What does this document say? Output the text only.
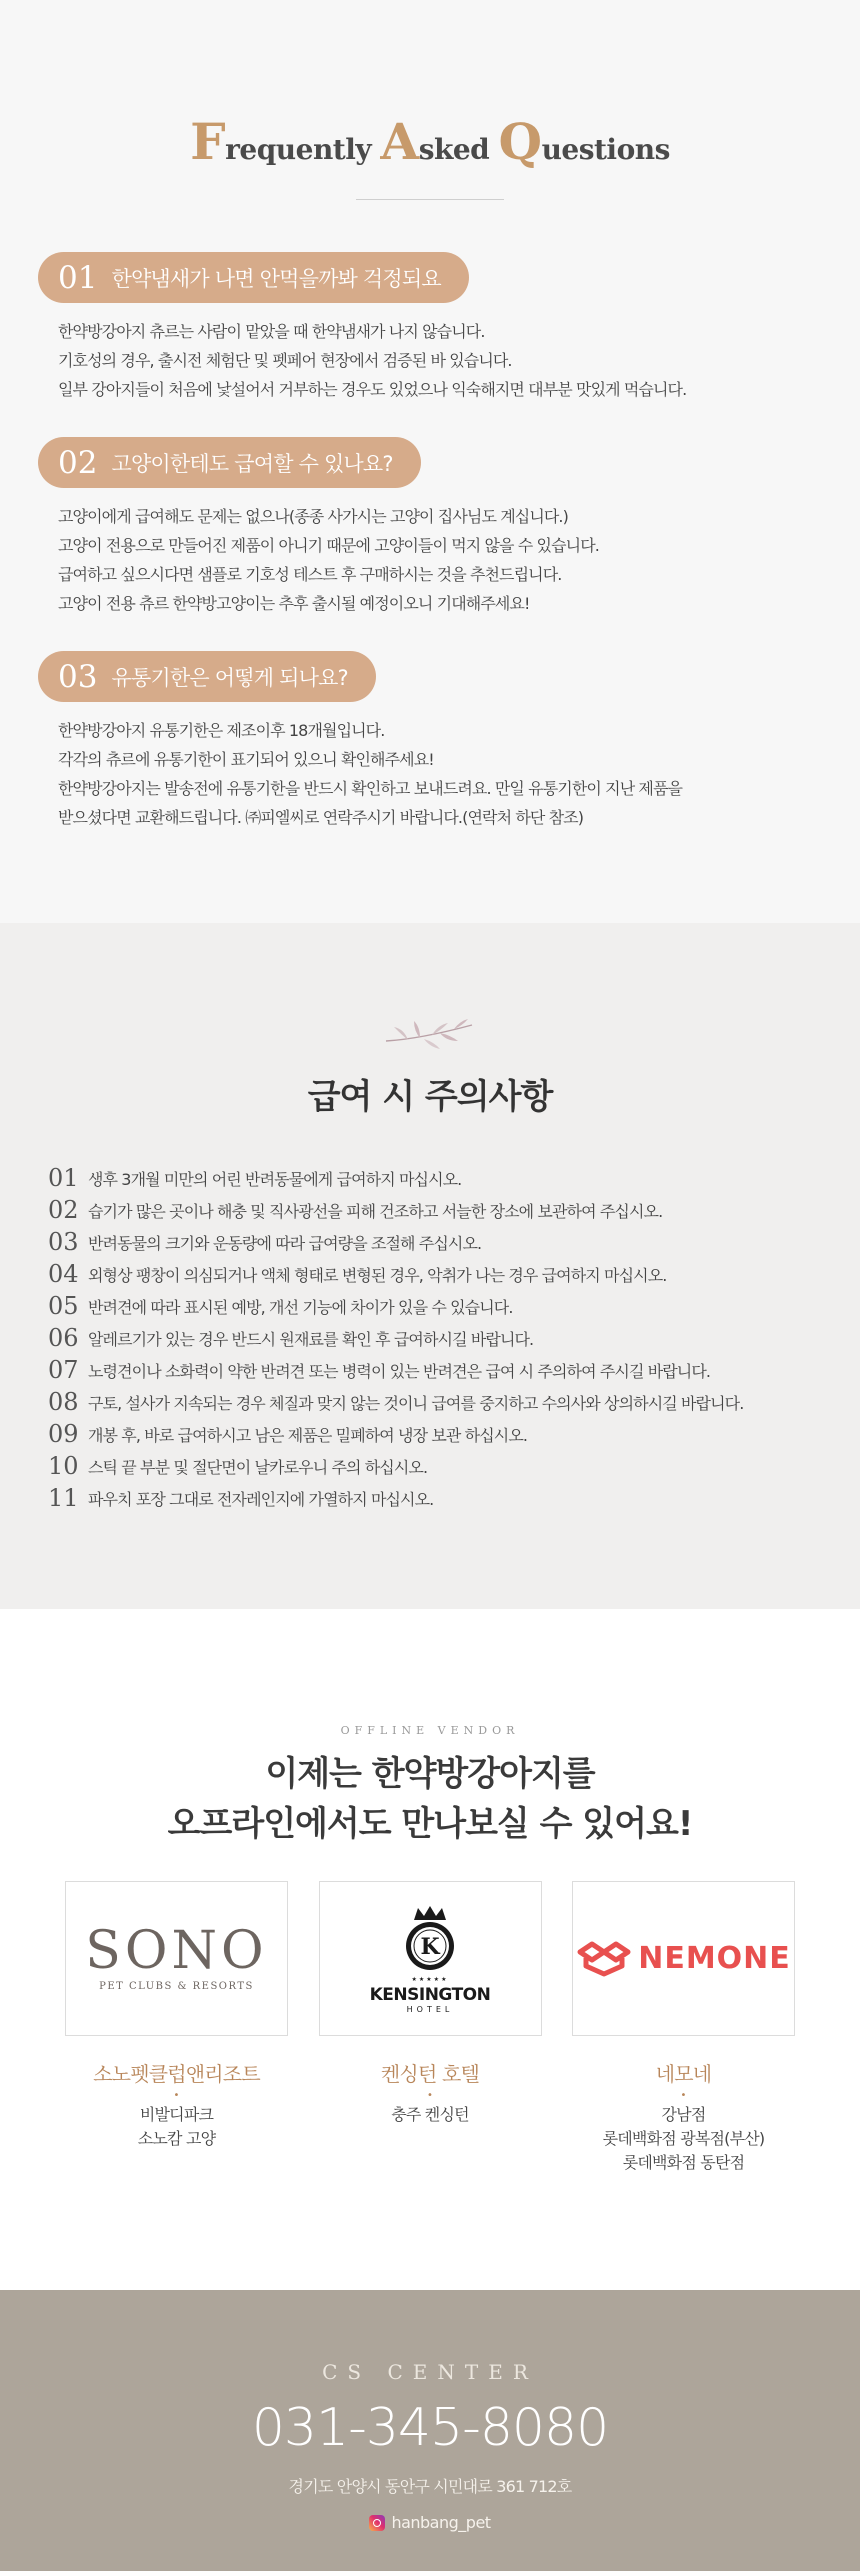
Frequently Asked Questions
01 한약냄새가 나면 안먹을까봐 걱정되요

한약방강아지 츄르는 사람이 맡았을 때 한약냄새가 나지 않습니다.

기호성의 경우, 출시전 체험단 및 펫페어 현장에서 검증된 바 있습니다.

일부 강아지들이 처음에 낯설어서 거부하는 경우도 있었으나 익숙해지면 대부분 맛있게 먹습니다.

02 고양이한테도 급여할 수 있나요?

고양이에게 급여해도 문제는 없으나(종종 사가시는 고양이 집사님도 계십니다.)

고양이 전용으로 만들어진 제품이 아니기 때문에 고양이들이 먹지 않을 수 있습니다.

급여하고 싶으시다면 샘플로 기호성 테스트 후 구매하시는 것을 추천드립니다.

고양이 전용 츄르 한약방고양이는 추후 출시될 예정이오니 기대해주세요!

03 유통기한은 어떻게 되나요?

한약방강아지 유통기한은 제조이후 18개월입니다.

각각의 츄르에 유통기한이 표기되어 있으니 확인해주세요!

한약방강아지는 발송전에 유통기한을 반드시 확인하고 보내드려요. 만일 유통기한이 지난 제품을

받으셨다면 교환해드립니다. ㈜피엘씨로 연락주시기 바랍니다.(연락처 하단 참조)

급여 시 주의사항
01 생후 3개월 미만의 어린 반려동물에게 급여하지 마십시오.
02 습기가 많은 곳이나 해충 및 직사광선을 피해 건조하고 서늘한 장소에 보관하여 주십시오.
03 반려동물의 크기와 운동량에 따라 급여량을 조절해 주십시오.
04 외형상 팽창이 의심되거나 액체 형태로 변형된 경우, 악취가 나는 경우 급여하지 마십시오.
05 반려견에 따라 표시된 예방, 개선 기능에 차이가 있을 수 있습니다.
06 알레르기가 있는 경우 반드시 원재료를 확인 후 급여하시길 바랍니다.
07 노령견이나 소화력이 약한 반려견 또는 병력이 있는 반려견은 급여 시 주의하여 주시길 바랍니다.
08 구토, 설사가 지속되는 경우 체질과 맞지 않는 것이니 급여를 중지하고 수의사와 상의하시길 바랍니다.
09 개봉 후, 바로 급여하시고 남은 제품은 밀폐하여 냉장 보관 하십시오.
10 스틱 끝 부분 및 절단면이 날카로우니 주의 하십시오.
11 파우치 포장 그대로 전자레인지에 가열하지 마십시오.
OFFLINE VENDOR
이제는 한약방강아지를
오프라인에서도 만나보실 수 있어요!
SONO
PET CLUBS & RESORTS
소노펫클럽앤리조트
•
비발디파크
소노캄 고양
K
★★★★★
KENSINGTON
HOTEL
켄싱턴 호텔
•
충주 켄싱턴
NEMONE
네모네
•
강남점
롯데백화점 광복점(부산)
롯데백화점 동탄점
CS CENTER
031-345-8080
경기도 안양시 동안구 시민대로 361 712호
hanbang_pet
